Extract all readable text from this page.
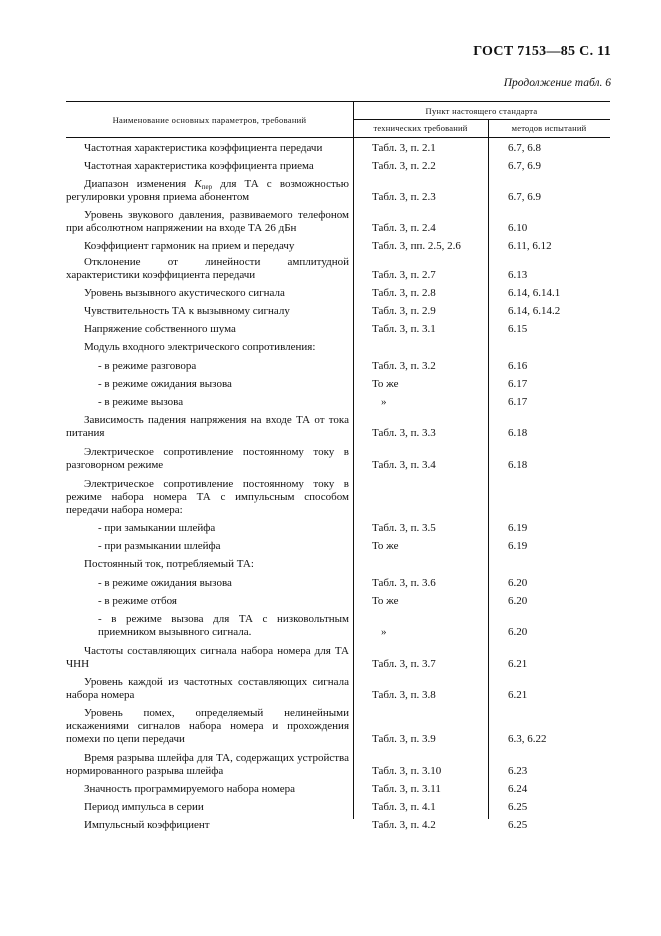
ГОСТ 7153—85 С. 11
Продолжение табл. 6
Наименование основных параметров, требований
Пункт настоящего стандарта
технических требований	методов испытаний
Частотная характеристика коэффициента передачи	Табл. 3, п. 2.1	6.7, 6.8
Частотная характеристика коэффициента приема	Табл. 3, п. 2.2	6.7, 6.9
Диапазон изменения $K_{пер}$ для ТА с возможностью регулировки уровня приема абонентом	Табл. 3, п. 2.3	6.7, 6.9
Уровень звукового давления, развиваемого телефоном при абсолютном напряжении на входе ТА 26 дБн	Табл. 3, п. 2.4	6.10
Коэффициент гармоник на прием и передачу	Табл. 3, пп. 2.5, 2.6	6.11, 6.12
Отклонение от линейности амплитудной характеристики коэффициента передачи	Табл. 3, п. 2.7	6.13
Уровень вызывного акустического сигнала	Табл. 3, п. 2.8	6.14, 6.14.1
Чувствительность ТА к вызывному сигналу	Табл. 3, п. 2.9	6.14, 6.14.2
Напряжение собственного шума	Табл. 3, п. 3.1	6.15
Модуль входного электрического сопротивления:
- в режиме разговора	Табл. 3, п. 3.2	6.16
- в режиме ожидания вызова	То же	6.17
- в режиме вызова	»	6.17
Зависимость падения напряжения на входе ТА от тока питания	Табл. 3, п. 3.3	6.18
Электрическое сопротивление постоянному току в разговорном режиме	Табл. 3, п. 3.4	6.18
Электрическое сопротивление постоянному току в режиме набора номера ТА с импульсным способом передачи набора номера:
- при замыкании шлейфа	Табл. 3, п. 3.5	6.19
- при размыкании шлейфа	То же	6.19
Постоянный ток, потребляемый ТА:
- в режиме ожидания вызова	Табл. 3, п. 3.6	6.20
- в режиме отбоя	То же	6.20
- в режиме вызова для ТА с низковольтным приемником вызывного сигнала.	»	6.20
Частоты составляющих сигнала набора номера для ТА ЧНН	Табл. 3, п. 3.7	6.21
Уровень каждой из частотных составляющих сигнала набора номера	Табл. 3, п. 3.8	6.21
Уровень помех, определяемый нелинейными искажениями сигналов набора номера и прохождения помехи по цепи передачи	Табл. 3, п. 3.9	6.3, 6.22
Время разрыва шлейфа для ТА, содержащих устройства нормированного разрыва шлейфа	Табл. 3, п. 3.10	6.23
Значность программируемого набора номера	Табл. 3, п. 3.11	6.24
Период импульса в серии	Табл. 3, п. 4.1	6.25
Импульсный коэффициент	Табл. 3, п. 4.2	6.25
